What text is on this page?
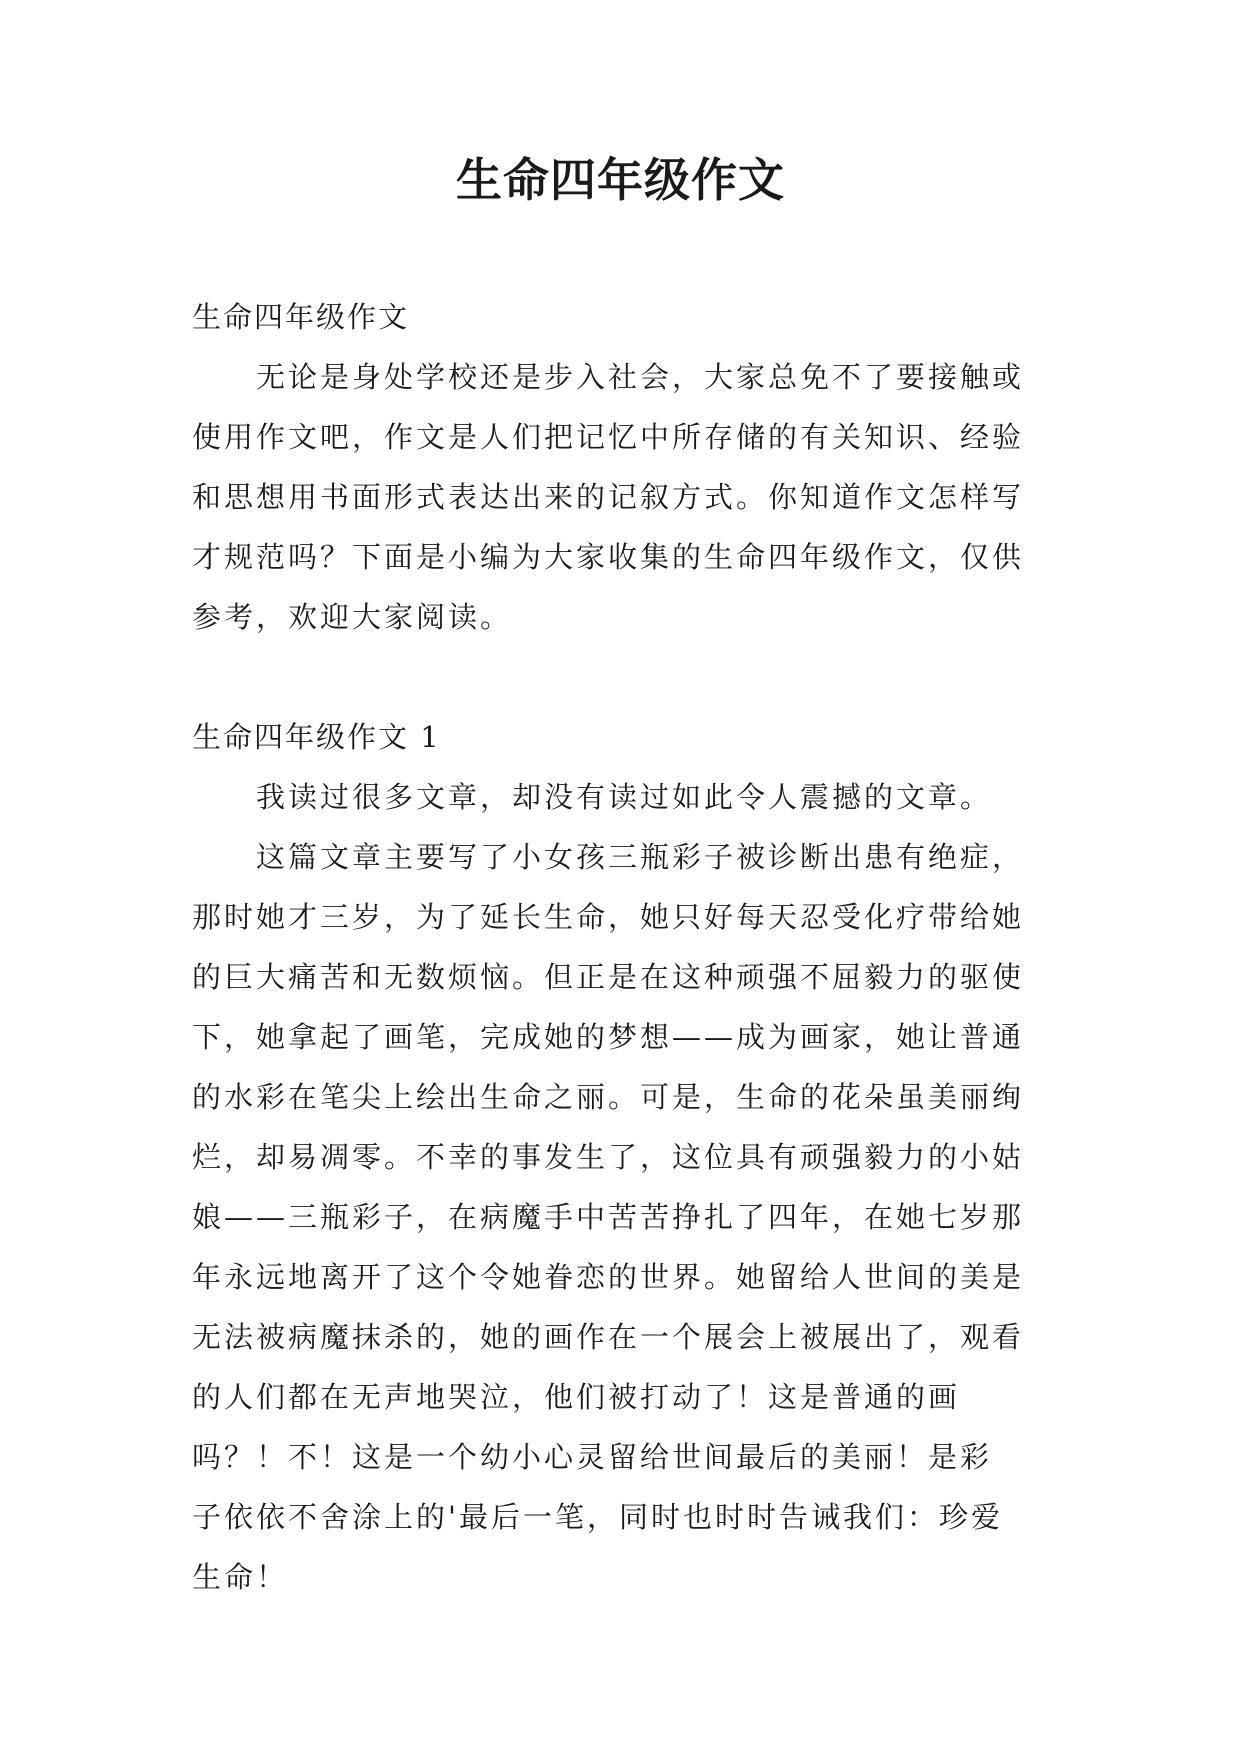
生命四年级作文

生命四年级作文

无论是身处学校还是步入社会，大家总免不了要接触或

使用作文吧，作文是人们把记忆中所存储的有关知识、经验

和思想用书面形式表达出来的记叙方式。你知道作文怎样写

才规范吗？下面是小编为大家收集的生命四年级作文，仅供

参考，欢迎大家阅读。

生命四年级作文 1

我读过很多文章，却没有读过如此令人震撼的文章。

这篇文章主要写了小女孩三瓶彩子被诊断出患有绝症，

那时她才三岁，为了延长生命，她只好每天忍受化疗带给她

的巨大痛苦和无数烦恼。但正是在这种顽强不屈毅力的驱使

下，她拿起了画笔，完成她的梦想——成为画家，她让普通

的水彩在笔尖上绘出生命之丽。可是，生命的花朵虽美丽绚

烂，却易凋零。不幸的事发生了，这位具有顽强毅力的小姑

娘——三瓶彩子，在病魔手中苦苦挣扎了四年，在她七岁那

年永远地离开了这个令她眷恋的世界。她留给人世间的美是

无法被病魔抹杀的，她的画作在一个展会上被展出了，观看

的人们都在无声地哭泣，他们被打动了！这是普通的画

吗？！不！这是一个幼小心灵留给世间最后的美丽！是彩

子依依不舍涂上的'最后一笔，同时也时时告诫我们：珍爱

生命！
